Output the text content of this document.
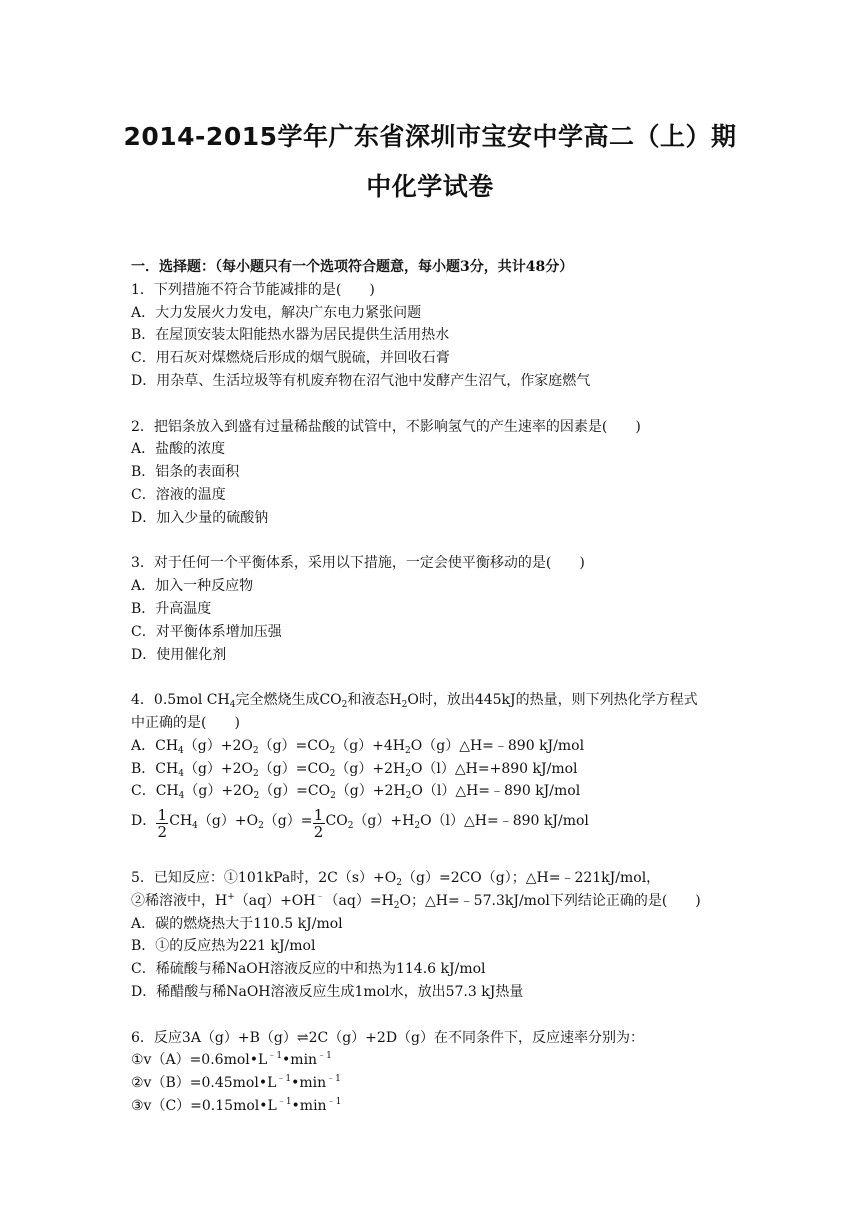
2014-2015学年广东省深圳市宝安中学高二（上）期
中化学试卷
一．选择题：（每小题只有一个选项符合题意，每小题3分，共计48分）
1．下列措施不符合节能减排的是(　　)
A．大力发展火力发电，解决广东电力紧张问题
B．在屋顶安装太阳能热水器为居民提供生活用热水
C．用石灰对煤燃烧后形成的烟气脱硫，并回收石膏
D．用杂草、生活垃圾等有机废弃物在沼气池中发酵产生沼气，作家庭燃气
2．把铝条放入到盛有过量稀盐酸的试管中，不影响氢气的产生速率的因素是(　　)
A．盐酸的浓度
B．铝条的表面积
C．溶液的温度
D．加入少量的硫酸钠
3．对于任何一个平衡体系，采用以下措施，一定会使平衡移动的是(　　)
A．加入一种反应物
B．升高温度
C．对平衡体系增加压强
D．使用催化剂
4．0.5mol $CH_4$完全燃烧生成$CO_2$和液态$H_2O$时，放出445kJ的热量，则下列热化学方程式
中正确的是(　　)
A．$CH_4(g)+2O_2(g)=CO_2(g)+4H_2O(g)\triangle H=﹣890$ kJ/mol
B．$CH_4(g)+2O_2(g)=CO_2(g)+2H_2O(l)\triangle H=+890$ kJ/mol
C．$CH_4(g)+2O_2(g)=CO_2(g)+2H_2O(l)\triangle H=﹣890$ kJ/mol
D． $\frac{1}{2} CH_4(g)+O_2(g)= \frac{1}{2}$ $CO_2(g)+H_2O(l)\triangle H=﹣890$ kJ/mol
5．已知反应：①101kPa时，$2C(s)+O_2(g)=2CO(g)$；△H=﹣221kJ/mol，
②稀溶液中，$H^+(aq)+OH^﹣(aq)=H_2O$；△H=﹣57.3kJ/mol下列结论正确的是(　　)
A．碳的燃烧热大于110.5 kJ/mol
B．①的反应热为221 kJ/mol
C．稀硫酸与稀NaOH溶液反应的中和热为114.6 kJ/mol
D．稀醋酸与稀NaOH溶液反应生成1mol水，放出57.3 kJ热量
6．反应3A（g）+B（g）⇌2C（g）+2D（g）在不同条件下，反应速率分别为：
$①v(A)=0.6mol•L^{﹣1}•\min^{﹣1}$
$②v(B)=0.45mol•L^{﹣1}•\min^{﹣1}$
$③v(C)=0.15mol•L^{﹣1}•\min^{﹣1}$
